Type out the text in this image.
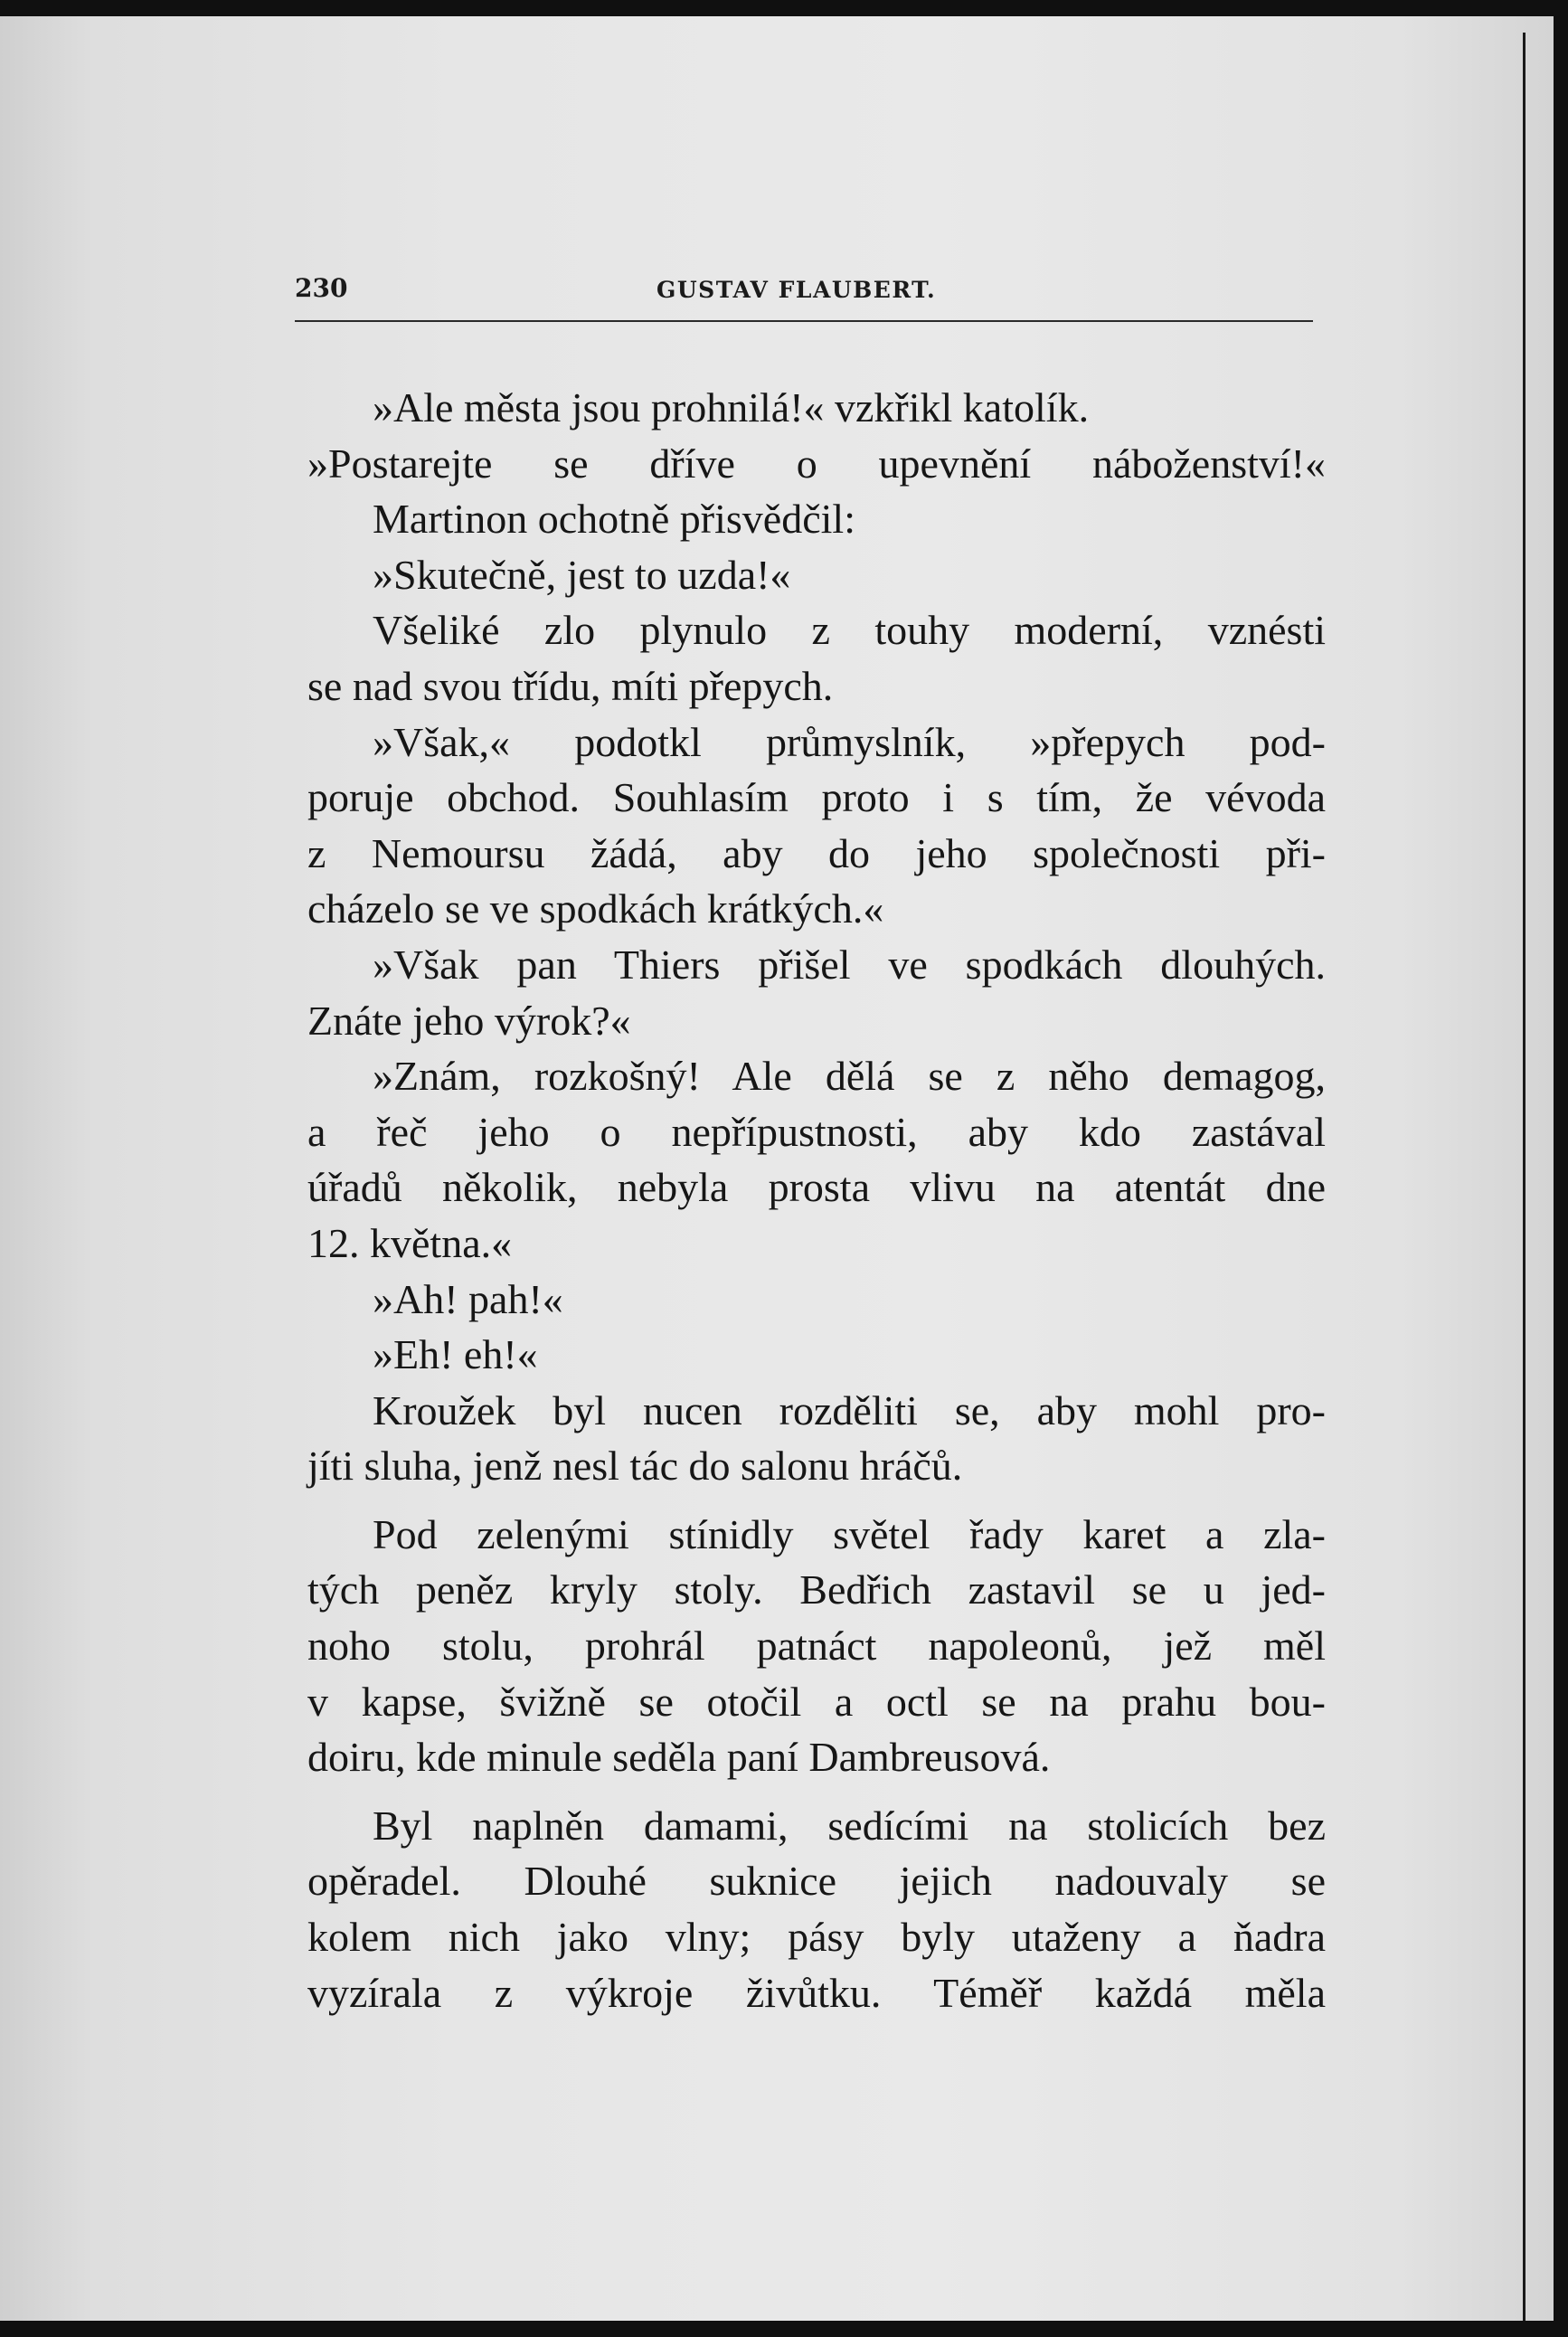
230	GUSTAV FLAUBERT.
»Ale města jsou prohnilá!« vzkřikl katolík.
»Postarejte se dříve o upevnění náboženství!«
Martinon ochotně přisvědčil:
»Skutečně, jest to uzda!«
Všeliké zlo plynulo z touhy moderní, vznésti
se nad svou třídu, míti přepych.
»Však,« podotkl průmyslník, »přepych pod-
poruje obchod. Souhlasím proto i s tím, že vévoda
z Nemoursu žádá, aby do jeho společnosti při-
cházelo se ve spodkách krátkých.«
»Však pan Thiers přišel ve spodkách dlouhých.
Znáte jeho výrok?«
»Znám, rozkošný! Ale dělá se z něho demagog,
a řeč jeho o nepřípustnosti, aby kdo zastával
úřadů několik, nebyla prosta vlivu na atentát dne
12. května.«
»Ah! pah!«
»Eh! eh!«
Kroužek byl nucen rozděliti se, aby mohl pro-
jíti sluha, jenž nesl tác do salonu hráčů.
Pod zelenými stínidly světel řady karet a zla-
tých peněz kryly stoly. Bedřich zastavil se u jed-
noho stolu, prohrál patnáct napoleonů, jež měl
v kapse, švižně se otočil a octl se na prahu bou-
doiru, kde minule seděla paní Dambreusová.
Byl naplněn damami, sedícími na stolicích bez
opěradel. Dlouhé suknice jejich nadouvaly se
kolem nich jako vlny; pásy byly utaženy a ňadra
vyzírala z výkroje živůtku. Téměř každá měla
